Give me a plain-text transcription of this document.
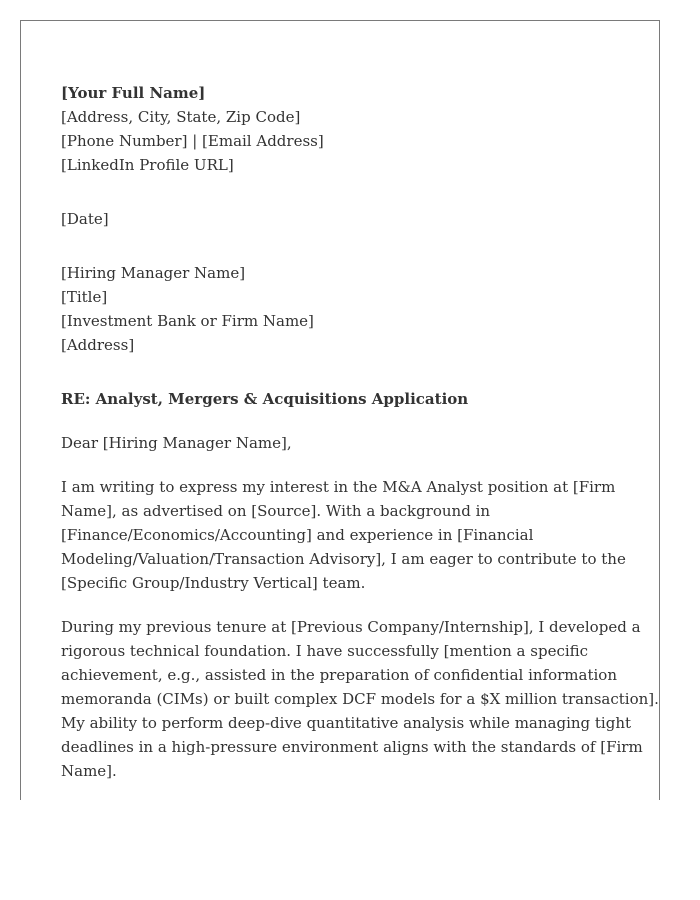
[Your Full Name]
[Address, City, State, Zip Code]
[Phone Number] | [Email Address]
[LinkedIn Profile URL]
[Date]
[Hiring Manager Name]
[Title]
[Investment Bank or Firm Name]
[Address]
RE: Analyst, Mergers & Acquisitions Application
Dear [Hiring Manager Name],

I am writing to express my interest in the M&A Analyst position at [Firm
Name], as advertised on [Source]. With a background in
[Finance/Economics/Accounting] and experience in [Financial
Modeling/Valuation/Transaction Advisory], I am eager to contribute to the
[Specific Group/Industry Vertical] team.

During my previous tenure at [Previous Company/Internship], I developed a
rigorous technical foundation. I have successfully [mention a specific
achievement, e.g., assisted in the preparation of confidential information
memoranda (CIMs) or built complex DCF models for a $X million transaction].
My ability to perform deep-dive quantitative analysis while managing tight
deadlines in a high-pressure environment aligns with the standards of [Firm
Name].
